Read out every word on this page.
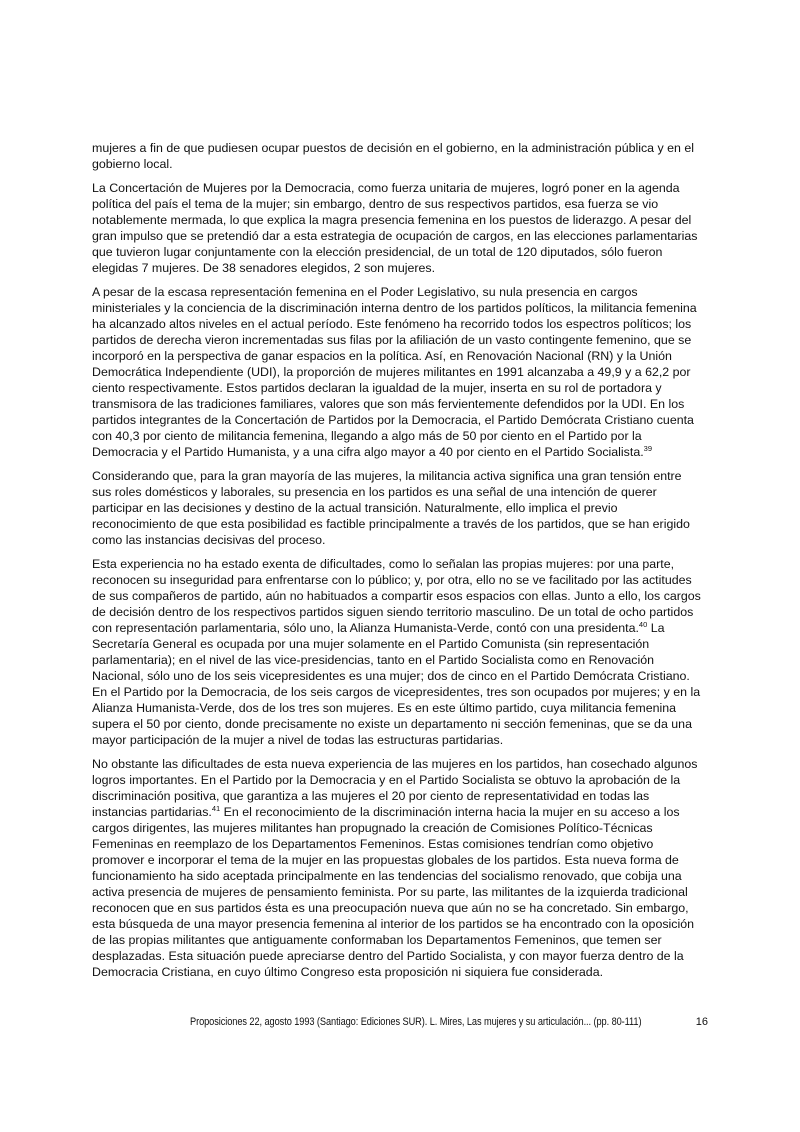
mujeres a fin de que pudiesen ocupar puestos de decisión en el gobierno, en la administración pública y en el gobierno local.

La Concertación de Mujeres por la Democracia, como fuerza unitaria de mujeres, logró poner en la agenda política del país el tema de la mujer; sin embargo, dentro de sus respectivos partidos, esa fuerza se vio notablemente mermada, lo que explica la magra presencia femenina en los puestos de liderazgo. A pesar del gran impulso que se pretendió dar a esta estrategia de ocupación de cargos, en las elecciones parlamentarias que tuvieron lugar conjuntamente con la elección presidencial, de un total de 120 diputados, sólo fueron elegidas 7 mujeres. De 38 senadores elegidos, 2 son mujeres.

A pesar de la escasa representación femenina en el Poder Legislativo, su nula presencia en cargos ministeriales y la conciencia de la discriminación interna dentro de los partidos políticos, la militancia femenina ha alcanzado altos niveles en el actual período. Este fenómeno ha recorrido todos los espectros políticos; los partidos de derecha vieron incrementadas sus filas por la afiliación de un vasto contingente femenino, que se incorporó en la perspectiva de ganar espacios en la política. Así, en Renovación Nacional (RN) y la Unión Democrática Independiente (UDI), la proporción de mujeres militantes en 1991 alcanzaba a 49,9 y a 62,2 por ciento respectivamente. Estos partidos declaran la igualdad de la mujer, inserta en su rol de portadora y transmisora de las tradiciones familiares, valores que son más fervientemente defendidos por la UDI. En los partidos integrantes de la Concertación de Partidos por la Democracia, el Partido Demócrata Cristiano cuenta con 40,3 por ciento de militancia femenina, llegando a algo más de 50 por ciento en el Partido por la Democracia y el Partido Humanista, y a una cifra algo mayor a 40 por ciento en el Partido Socialista.$^{39}$

Considerando que, para la gran mayoría de las mujeres, la militancia activa significa una gran tensión entre sus roles domésticos y laborales, su presencia en los partidos es una señal de una intención de querer participar en las decisiones y destino de la actual transición. Naturalmente, ello implica el previo reconocimiento de que esta posibilidad es factible principalmente a través de los partidos, que se han erigido como las instancias decisivas del proceso.

Esta experiencia no ha estado exenta de dificultades, como lo señalan las propias mujeres: por una parte, reconocen su inseguridad para enfrentarse con lo público; y, por otra, ello no se ve facilitado por las actitudes de sus compañeros de partido, aún no habituados a compartir esos espacios con ellas. Junto a ello, los cargos de decisión dentro de los respectivos partidos siguen siendo territorio masculino. De un total de ocho partidos con representación parlamentaria, sólo uno, la Alianza Humanista-Verde, contó con una presidenta.$^{40}$ La Secretaría General es ocupada por una mujer solamente en el Partido Comunista (sin representación parlamentaria); en el nivel de las vice-presidencias, tanto en el Partido Socialista como en Renovación Nacional, sólo uno de los seis vicepresidentes es una mujer; dos de cinco en el Partido Demócrata Cristiano. En el Partido por la Democracia, de los seis cargos de vicepresidentes, tres son ocupados por mujeres; y en la Alianza Humanista-Verde, dos de los tres son mujeres. Es en este último partido, cuya militancia femenina supera el 50 por ciento, donde precisamente no existe un departamento ni sección femeninas, que se da una mayor participación de la mujer a nivel de todas las estructuras partidarias.

No obstante las dificultades de esta nueva experiencia de las mujeres en los partidos, han cosechado algunos logros importantes. En el Partido por la Democracia y en el Partido Socialista se obtuvo la aprobación de la discriminación positiva, que garantiza a las mujeres el 20 por ciento de representatividad en todas las instancias partidarias.$^{41}$ En el reconocimiento de la discriminación interna hacia la mujer en su acceso a los cargos dirigentes, las mujeres militantes han propugnado la creación de Comisiones Político-Técnicas Femeninas en reemplazo de los Departamentos Femeninos. Estas comisiones tendrían como objetivo promover e incorporar el tema de la mujer en las propuestas globales de los partidos. Esta nueva forma de funcionamiento ha sido aceptada principalmente en las tendencias del socialismo renovado, que cobija una activa presencia de mujeres de pensamiento feminista. Por su parte, las militantes de la izquierda tradicional reconocen que en sus partidos ésta es una preocupación nueva que aún no se ha concretado. Sin embargo, esta búsqueda de una mayor presencia femenina al interior de los partidos se ha encontrado con la oposición de las propias militantes que antiguamente conformaban los Departamentos Femeninos, que temen ser desplazadas. Esta situación puede apreciarse dentro del Partido Socialista, y con mayor fuerza dentro de la Democracia Cristiana, en cuyo último Congreso esta proposición ni siquiera fue considerada.

Proposiciones 22, agosto 1993 (Santiago: Ediciones SUR). L. Mires, Las mujeres y su articulación... (pp. 80-111)	16
